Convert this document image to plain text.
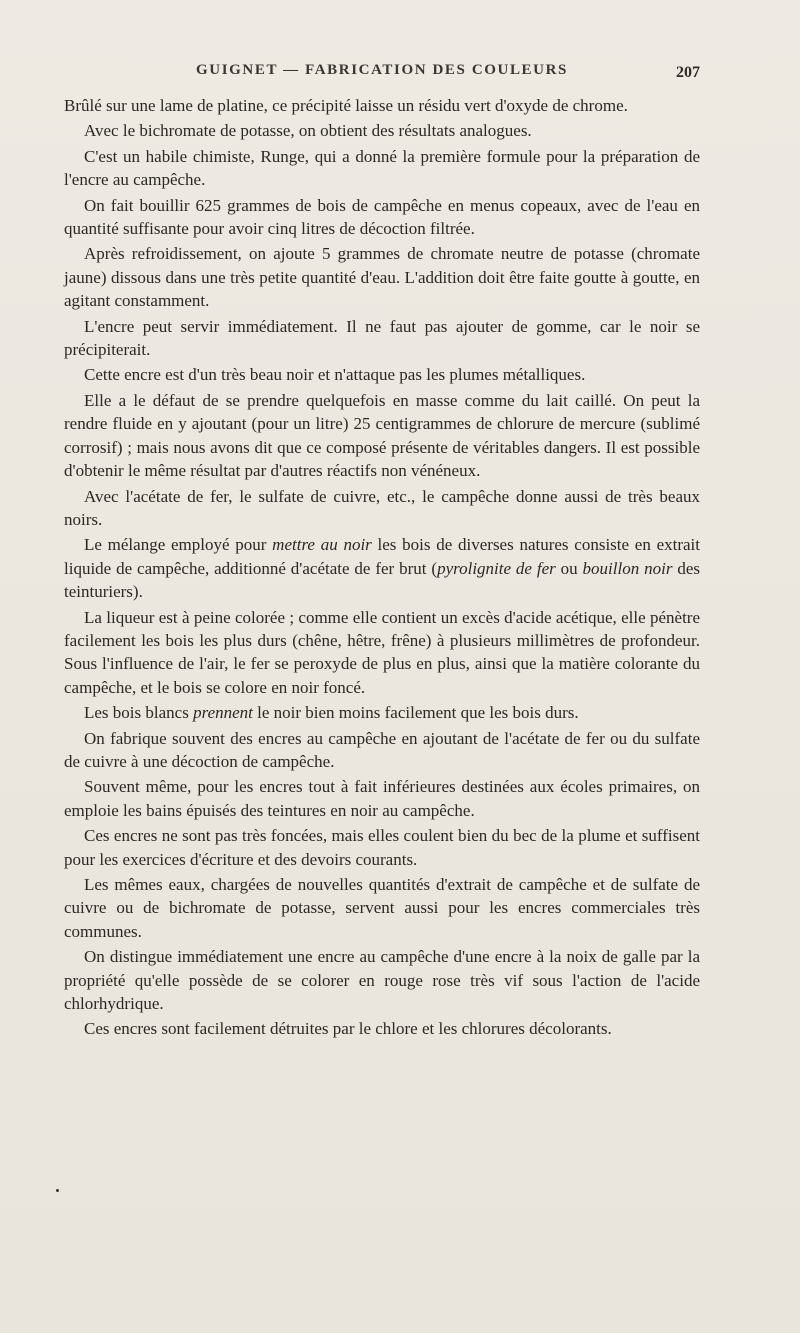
GUIGNET — FABRICATION DES COULEURS	207

Brûlé sur une lame de platine, ce précipité laisse un résidu vert d'oxyde de chrome.

Avec le bichromate de potasse, on obtient des résultats analogues.

C'est un habile chimiste, Runge, qui a donné la première formule pour la préparation de l'encre au campêche.

On fait bouillir 625 grammes de bois de campêche en menus copeaux, avec de l'eau en quantité suffisante pour avoir cinq litres de décoction filtrée.

Après refroidissement, on ajoute 5 grammes de chromate neutre de potasse (chromate jaune) dissous dans une très petite quantité d'eau. L'addition doit être faite goutte à goutte, en agitant constamment.

L'encre peut servir immédiatement. Il ne faut pas ajouter de gomme, car le noir se précipiterait.

Cette encre est d'un très beau noir et n'attaque pas les plumes métalliques.

Elle a le défaut de se prendre quelquefois en masse comme du lait caillé. On peut la rendre fluide en y ajoutant (pour un litre) 25 centigrammes de chlorure de mercure (sublimé corrosif) ; mais nous avons dit que ce composé présente de véritables dangers. Il est possible d'obtenir le même résultat par d'autres réactifs non vénéneux.

Avec l'acétate de fer, le sulfate de cuivre, etc., le campêche donne aussi de très beaux noirs.

Le mélange employé pour mettre au noir les bois de diverses natures consiste en extrait liquide de campêche, additionné d'acétate de fer brut (pyrolignite de fer ou bouillon noir des teinturiers).

La liqueur est à peine colorée ; comme elle contient un excès d'acide acétique, elle pénètre facilement les bois les plus durs (chêne, hêtre, frêne) à plusieurs millimètres de profondeur. Sous l'influence de l'air, le fer se peroxyde de plus en plus, ainsi que la matière colorante du campêche, et le bois se colore en noir foncé.

Les bois blancs prennent le noir bien moins facilement que les bois durs.

On fabrique souvent des encres au campêche en ajoutant de l'acétate de fer ou du sulfate de cuivre à une décoction de campêche.

Souvent même, pour les encres tout à fait inférieures destinées aux écoles primaires, on emploie les bains épuisés des teintures en noir au campêche.

Ces encres ne sont pas très foncées, mais elles coulent bien du bec de la plume et suffisent pour les exercices d'écriture et des devoirs courants.

Les mêmes eaux, chargées de nouvelles quantités d'extrait de campêche et de sulfate de cuivre ou de bichromate de potasse, servent aussi pour les encres commerciales très communes.

On distingue immédiatement une encre au campêche d'une encre à la noix de galle par la propriété qu'elle possède de se colorer en rouge rose très vif sous l'action de l'acide chlorhydrique.

Ces encres sont facilement détruites par le chlore et les chlorures décolorants.
